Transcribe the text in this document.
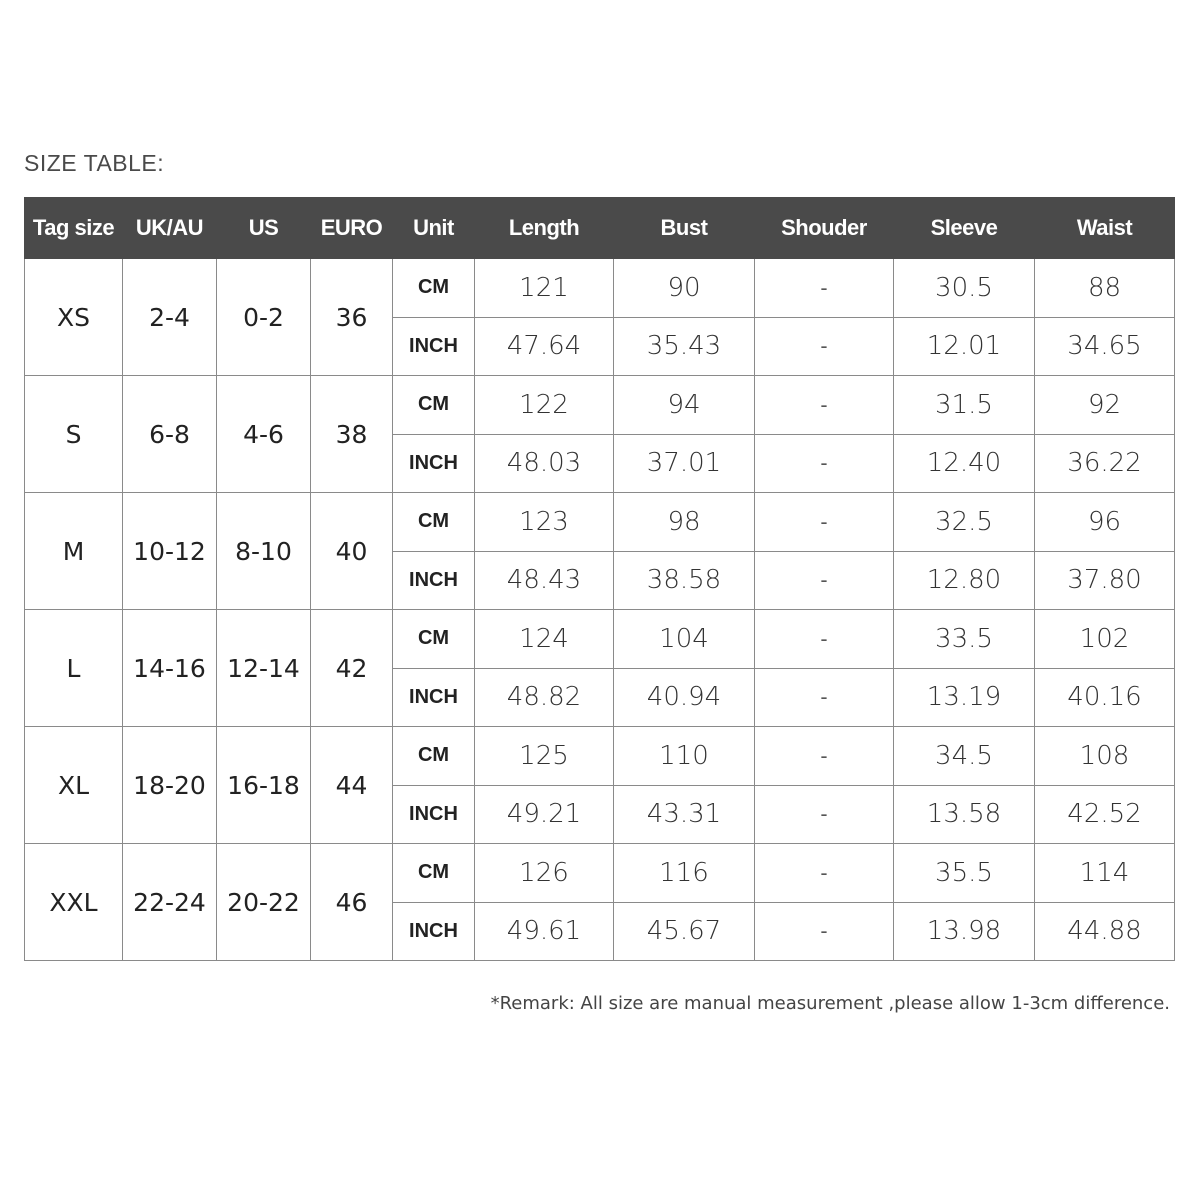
SIZE TABLE:
Tag size	UK/AU	US	EURO	Unit	Length	Bust	Shouder	Sleeve	Waist
XS	2-4	0-2	36	CM	121	90	-	30.5	88
				INCH	47.64	35.43	-	12.01	34.65
S	6-8	4-6	38	CM	122	94	-	31.5	92
				INCH	48.03	37.01	-	12.40	36.22
M	10-12	8-10	40	CM	123	98	-	32.5	96
				INCH	48.43	38.58	-	12.80	37.80
L	14-16	12-14	42	CM	124	104	-	33.5	102
				INCH	48.82	40.94	-	13.19	40.16
XL	18-20	16-18	44	CM	125	110	-	34.5	108
				INCH	49.21	43.31	-	13.58	42.52
XXL	22-24	20-22	46	CM	126	116	-	35.5	114
				INCH	49.61	45.67	-	13.98	44.88
*Remark: All size are manual measurement ,please allow 1-3cm difference.
